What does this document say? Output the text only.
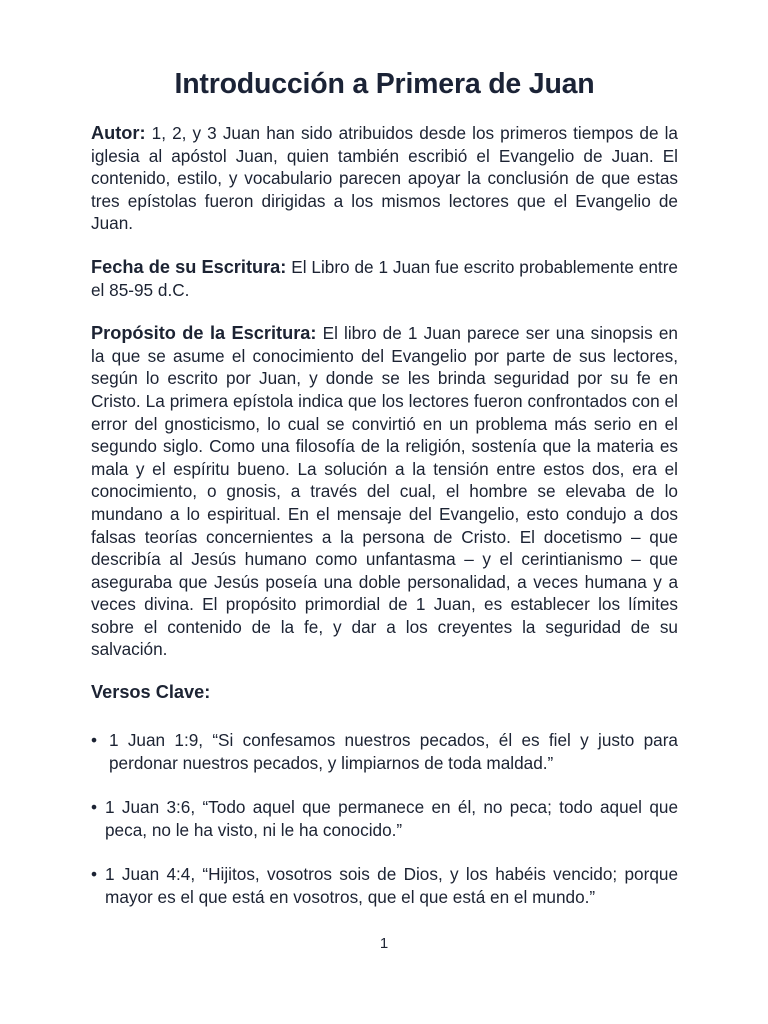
Introducción a Primera de Juan

Autor: 1, 2, y 3 Juan han sido atribuidos desde los primeros tiempos de la iglesia al apóstol Juan, quien también escribió el Evangelio de Juan. El contenido, estilo, y vocabulario parecen apoyar la conclusión de que estas tres epístolas fueron dirigidas a los mismos lectores que el Evangelio de Juan.

Fecha de su Escritura: El Libro de 1 Juan fue escrito probablemente entre el 85-95 d.C.

Propósito de la Escritura: El libro de 1 Juan parece ser una sinopsis en la que se asume el conocimiento del Evangelio por parte de sus lectores, según lo escrito por Juan, y donde se les brinda seguridad por su fe en Cristo. La primera epístola indica que los lectores fueron confrontados con el error del gnosticismo, lo cual se convirtió en un problema más serio en el segundo siglo. Como una filosofía de la religión, sostenía que la materia es mala y el espíritu bueno. La solución a la tensión entre estos dos, era el conocimiento, o gnosis, a través del cual, el hombre se elevaba de lo mundano a lo espiritual. En el mensaje del Evangelio, esto condujo a dos falsas teorías concernientes a la persona de Cristo. El docetismo – que describía al Jesús humano como unfantasma – y el cerintianismo – que aseguraba que Jesús poseía una doble personalidad, a veces humana y a veces divina. El propósito primordial de 1 Juan, es establecer los límites sobre el contenido de la fe, y dar a los creyentes la seguridad de su salvación.

Versos Clave:
• 1 Juan 1:9, “Si confesamos nuestros pecados, él es fiel y justo para perdonar nuestros pecados, y limpiarnos de toda maldad.”
• 1 Juan 3:6, “Todo aquel que permanece en él, no peca; todo aquel que peca, no le ha visto, ni le ha conocido.”
• 1 Juan 4:4, “Hijitos, vosotros sois de Dios, y los habéis vencido; porque mayor es el que está en vosotros, que el que está en el mundo.”
1
